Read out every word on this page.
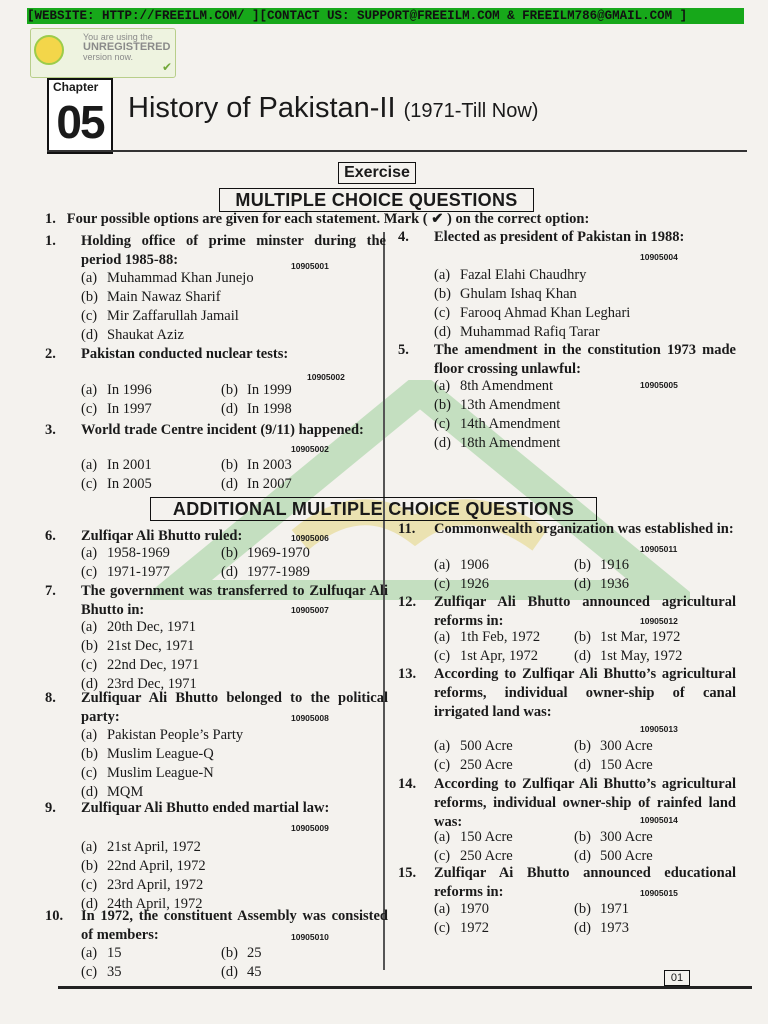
[WEBSITE: HTTP://FREEILM.COM/ ][CONTACT US: SUPPORT@FREEILM.COM & FREEILM786@GMAIL.COM ]
You are using the
UNREGISTERED
version now.
✔
Chapter
05 History of Pakistan-II (1971-Till Now)
Exercise
MULTIPLE CHOICE QUESTIONS
1. Four possible options are given for each statement. Mark ( ✔ ) on the correct option:
ADDITIONAL MULTIPLE CHOICE QUESTIONS
1. Holding office of prime minster during the period 1985-88:	10905001
(a) Muhammad Khan Junejo
(b) Main Nawaz Sharif
(c) Mir Zaffarullah Jamail
(d) Shaukat Aziz
2. Pakistan conducted nuclear tests:
10905002
(a) In 1996	(b) In 1999
(c) In 1997	(d) In 1998
3. World trade Centre incident (9/11) happened:
10905002
(a) In 2001	(b) In 2003
(c) In 2005	(d) In 2007
4. Elected as president of Pakistan in 1988:
10905004
(a) Fazal Elahi Chaudhry
(b) Ghulam Ishaq Khan
(c) Farooq Ahmad Khan Leghari
(d) Muhammad Rafiq Tarar
5. The amendment in the constitution 1973 made floor crossing unlawful:
10905005
(a) 8th Amendment
(b) 13th Amendment
(c) 14th Amendment
(d) 18th Amendment
6. Zulfiqar Ali Bhutto ruled:	10905006
(a) 1958-1969	(b) 1969-1970
(c) 1971-1977	(d) 1977-1989
7. The government was transferred to Zulfuqar Ali Bhutto in:	10905007
(a) 20th Dec, 1971
(b) 21st Dec, 1971
(c) 22nd Dec, 1971
(d) 23rd Dec, 1971
8. Zulfiquar Ali Bhutto belonged to the political party:	10905008
(a) Pakistan People’s Party
(b) Muslim League-Q
(c) Muslim League-N
(d) MQM
9. Zulfiquar Ali Bhutto ended martial law:
10905009
(a) 21st April, 1972
(b) 22nd April, 1972
(c) 23rd April, 1972
(d) 24th April, 1972
10. In 1972, the constituent Assembly was consisted of members:	10905010
(a) 15	(b) 25
(c) 35	(d) 45
11. Commonwealth organization was established in:
10905011
(a) 1906	(b) 1916
(c) 1926	(d) 1936
12. Zulfiqar Ali Bhutto announced agricultural reforms in:	10905012
(a) 1th Feb, 1972 (b) 1st Mar, 1972
(c) 1st Apr, 1972 (d) 1st May, 1972
13. According to Zulfiqar Ali Bhutto’s agricultural reforms, individual owner-ship of canal irrigated land was:
10905013
(a) 500 Acre	(b) 300 Acre
(c) 250 Acre	(d) 150 Acre
14. According to Zulfiqar Ali Bhutto’s agricultural reforms, individual owner-ship of rainfed land was:	10905014
(a) 150 Acre	(b) 300 Acre
(c) 250 Acre	(d) 500 Acre
15. Zulfiqar Ai Bhutto announced educational reforms in:	10905015
(a) 1970	(b) 1971
(c) 1972	(d) 1973
01
